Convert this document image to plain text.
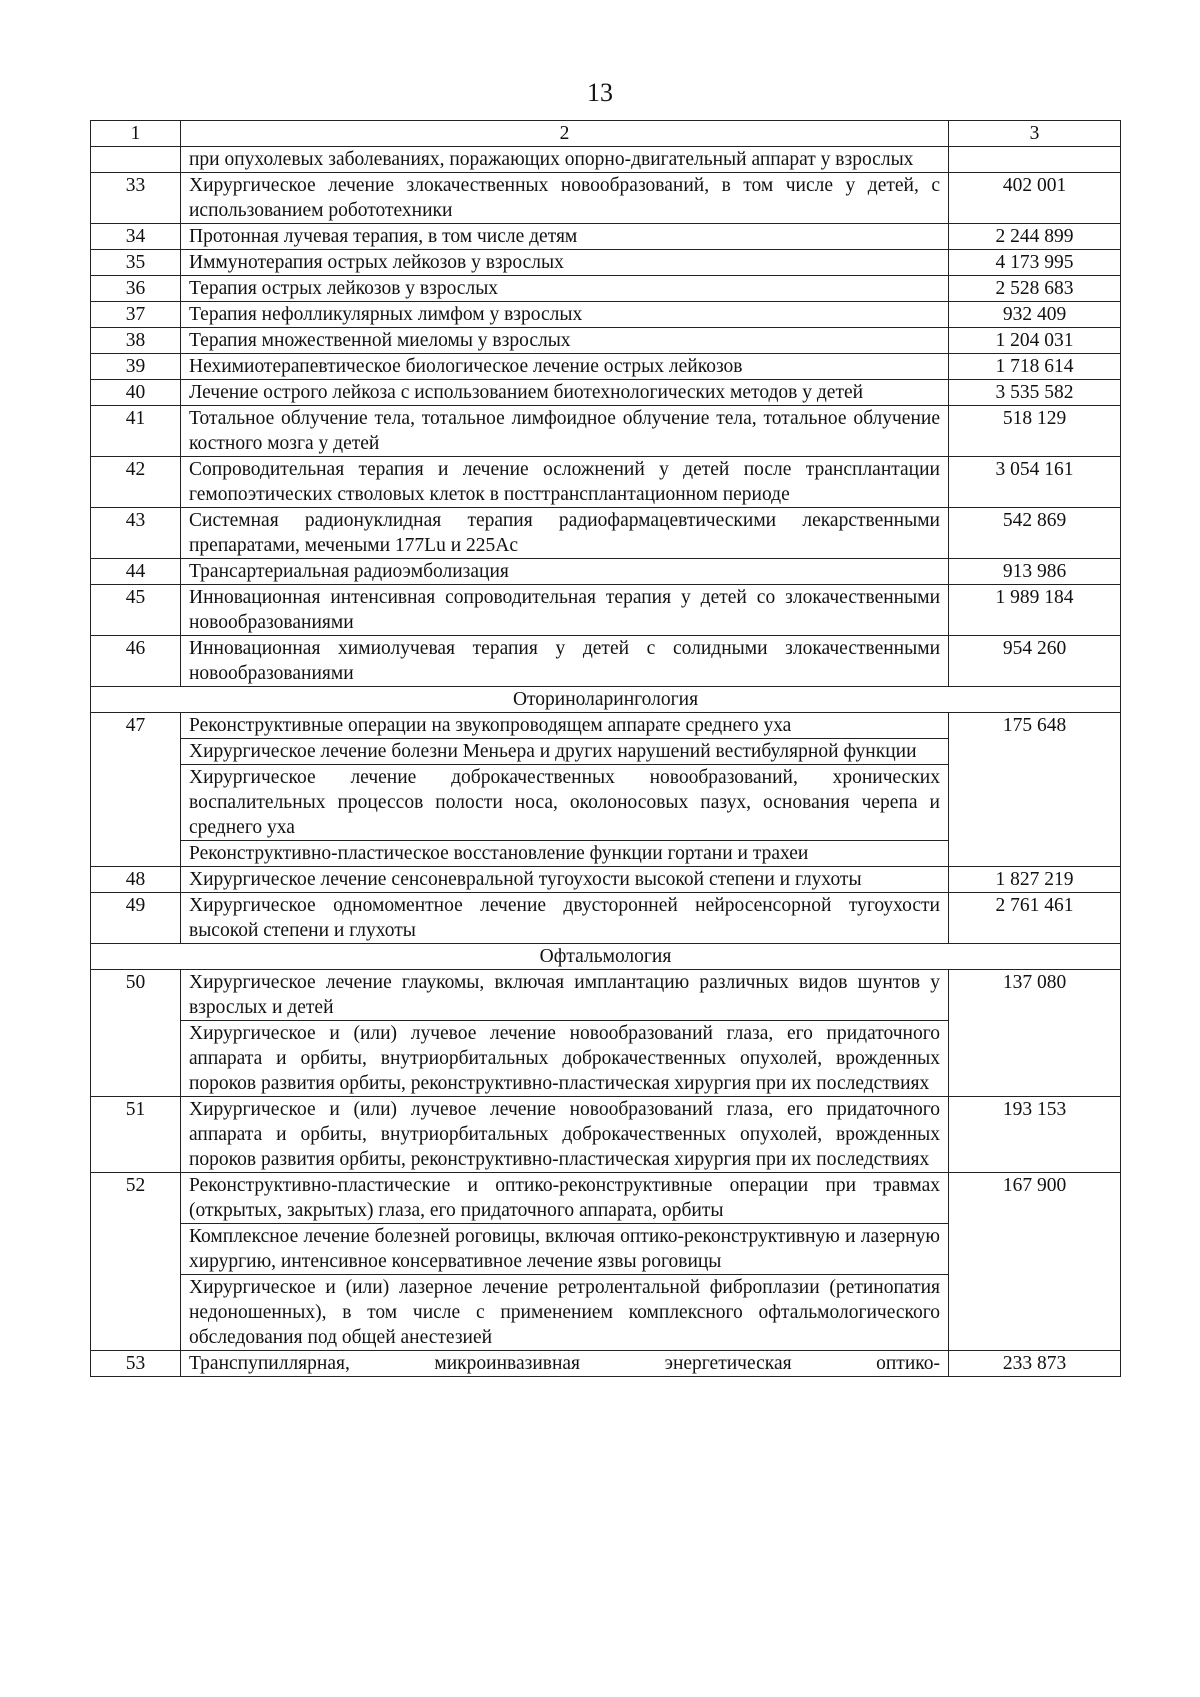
13
1	2	3
	при опухолевых заболеваниях, поражающих опорно-двигательный аппарат у взрослых	
33	Хирургическое лечение злокачественных новообразований, в том числе у детей, с использованием робототехники	402 001
34	Протонная лучевая терапия, в том числе детям	2 244 899
35	Иммунотерапия острых лейкозов у взрослых	4 173 995
36	Терапия острых лейкозов у взрослых	2 528 683
37	Терапия нефолликулярных лимфом у взрослых	932 409
38	Терапия множественной миеломы у взрослых	1 204 031
39	Нехимиотерапевтическое биологическое лечение острых лейкозов	1 718 614
40	Лечение острого лейкоза с использованием биотехнологических методов у детей	3 535 582
41	Тотальное облучение тела, тотальное лимфоидное облучение тела, тотальное облучение костного мозга у детей	518 129
42	Сопроводительная терапия и лечение осложнений у детей после трансплантации гемопоэтических стволовых клеток в посттрансплантационном периоде	3 054 161
43	Системная радионуклидная терапия радиофармацевтическими лекарственными препаратами, мечеными 177Lu и 225Ac	542 869
44	Трансартериальная радиоэмболизация	913 986
45	Инновационная интенсивная сопроводительная терапия у детей со злокачественными новообразованиями	1 989 184
46	Инновационная химиолучевая терапия у детей с солидными злокачественными новообразованиями	954 260
Оториноларингология		
47	Реконструктивные операции на звукопроводящем аппарате среднего уха	175 648
	Хирургическое лечение болезни Меньера и других нарушений вестибулярной функции	
	Хирургическое лечение доброкачественных новообразований, хронических воспалительных процессов полости носа, околоносовых пазух, основания черепа и среднего уха	
	Реконструктивно-пластическое восстановление функции гортани и трахеи	
48	Хирургическое лечение сенсоневральной тугоухости высокой степени и глухоты	1 827 219
49	Хирургическое одномоментное лечение двусторонней нейросенсорной тугоухости высокой степени и глухоты	2 761 461
Офтальмология		
50	Хирургическое лечение глаукомы, включая имплантацию различных видов шунтов у взрослых и детей	137 080
	Хирургическое и (или) лучевое лечение новообразований глаза, его придаточного аппарата и орбиты, внутриорбитальных доброкачественных опухолей, врожденных пороков развития орбиты, реконструктивно-пластическая хирургия при их последствиях	
51	Хирургическое и (или) лучевое лечение новообразований глаза, его придаточного аппарата и орбиты, внутриорбитальных доброкачественных опухолей, врожденных пороков развития орбиты, реконструктивно-пластическая хирургия при их последствиях	193 153
52	Реконструктивно-пластические и оптико-реконструктивные операции при травмах (открытых, закрытых) глаза, его придаточного аппарата, орбиты	167 900
	Комплексное лечение болезней роговицы, включая оптико-реконструктивную и лазерную хирургию, интенсивное консервативное лечение язвы роговицы	
	Хирургическое и (или) лазерное лечение ретролентальной фиброплазии (ретинопатия недоношенных), в том числе с применением комплексного офтальмологического обследования под общей анестезией	
53	Транспупиллярная, микроинвазивная энергетическая оптико-	233 873
